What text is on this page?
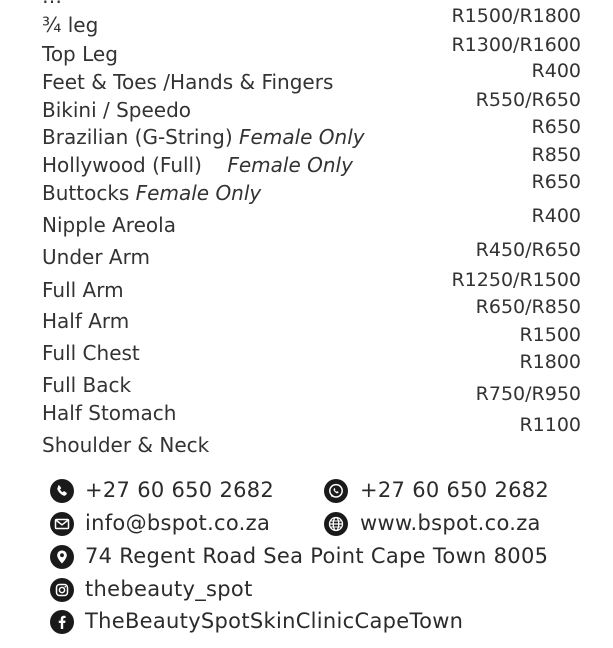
¾ leg
Top Leg
Feet & Toes /Hands & Fingers
Bikini / Speedo
Brazilian (G-String) Female Only
Hollywood (Full)    Female Only
Buttocks Female Only
Nipple Areola
Under Arm
Full Arm
Half Arm
Full Chest
Full Back
Half Stomach
Shoulder & Neck
R1500/R1800
R1300/R1600
R400
R550/R650
R650
R850
R650
R400
R450/R650
R1250/R1500
R650/R850
R1500
R1800
R750/R950
R1100
+27 60 650 2682	+27 60 650 2682
info@bspot.co.za	www.bspot.co.za
74 Regent Road Sea Point Cape Town 8005
thebeauty_spot
TheBeautySpotSkinClinicCapeTown
